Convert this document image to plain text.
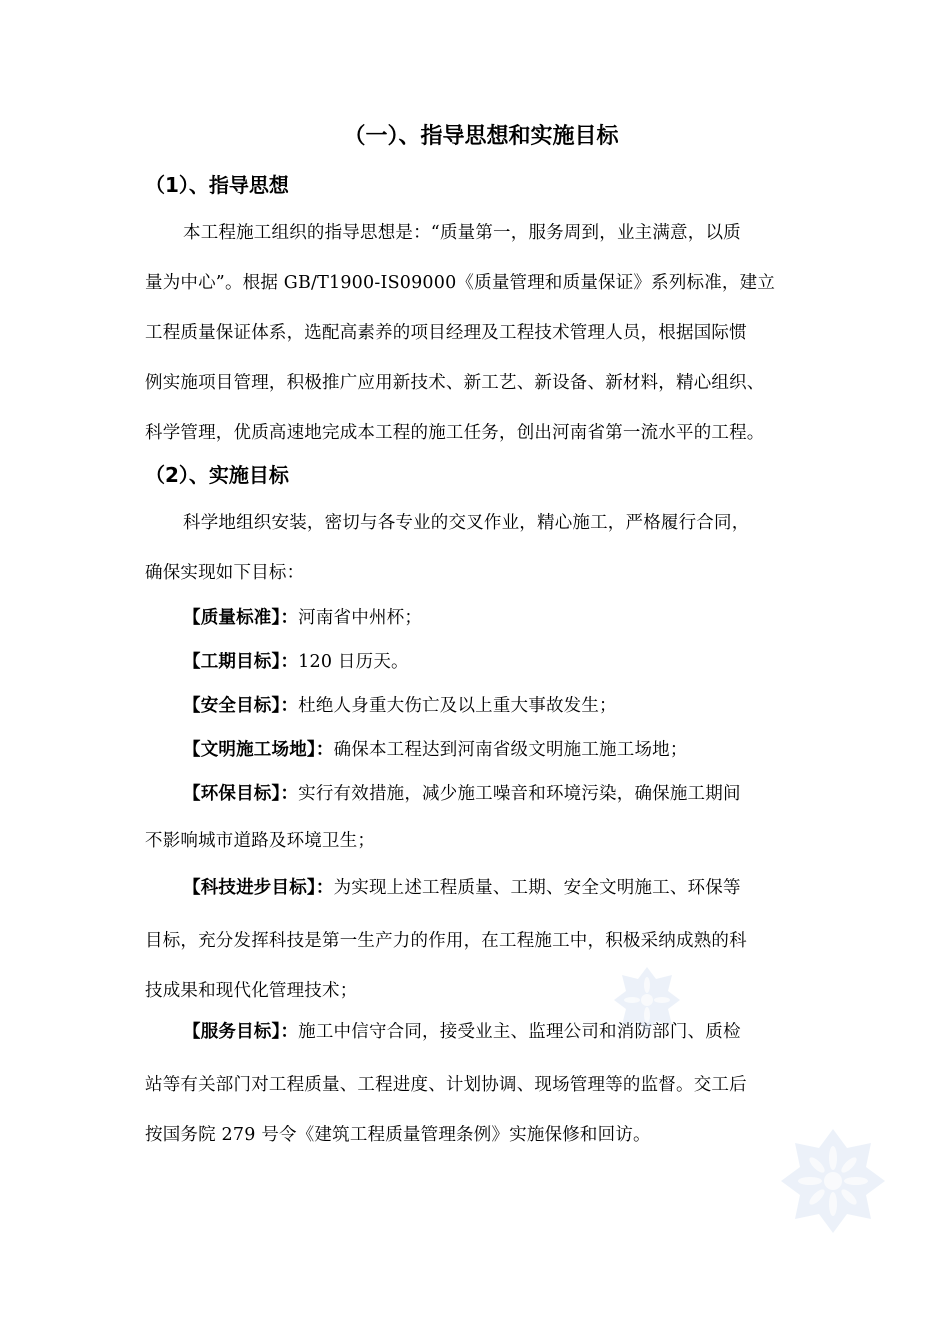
（一）、指导思想和实施目标
（1）、指导思想
本工程施工组织的指导思想是：“质量第一，服务周到，业主满意，以质
量为中心”。根据 GB/T1900-IS09000《质量管理和质量保证》系列标准，建立
工程质量保证体系，选配高素养的项目经理及工程技术管理人员，根据国际惯
例实施项目管理，积极推广应用新技术、新工艺、新设备、新材料，精心组织、
科学管理，优质高速地完成本工程的施工任务，创出河南省第一流水平的工程。
（2）、实施目标
科学地组织安装，密切与各专业的交叉作业，精心施工，严格履行合同，
确保实现如下目标：
【质量标准】：河南省中州杯；
【工期目标】：120 日历天。
【安全目标】：杜绝人身重大伤亡及以上重大事故发生；
【文明施工场地】：确保本工程达到河南省级文明施工施工场地；
【环保目标】：实行有效措施，减少施工噪音和环境污染，确保施工期间
不影响城市道路及环境卫生；
【科技进步目标】：为实现上述工程质量、工期、安全文明施工、环保等
目标，充分发挥科技是第一生产力的作用，在工程施工中，积极采纳成熟的科
技成果和现代化管理技术；
【服务目标】：施工中信守合同，接受业主、监理公司和消防部门、质检
站等有关部门对工程质量、工程进度、计划协调、现场管理等的监督。交工后
按国务院 279 号令《建筑工程质量管理条例》实施保修和回访。
